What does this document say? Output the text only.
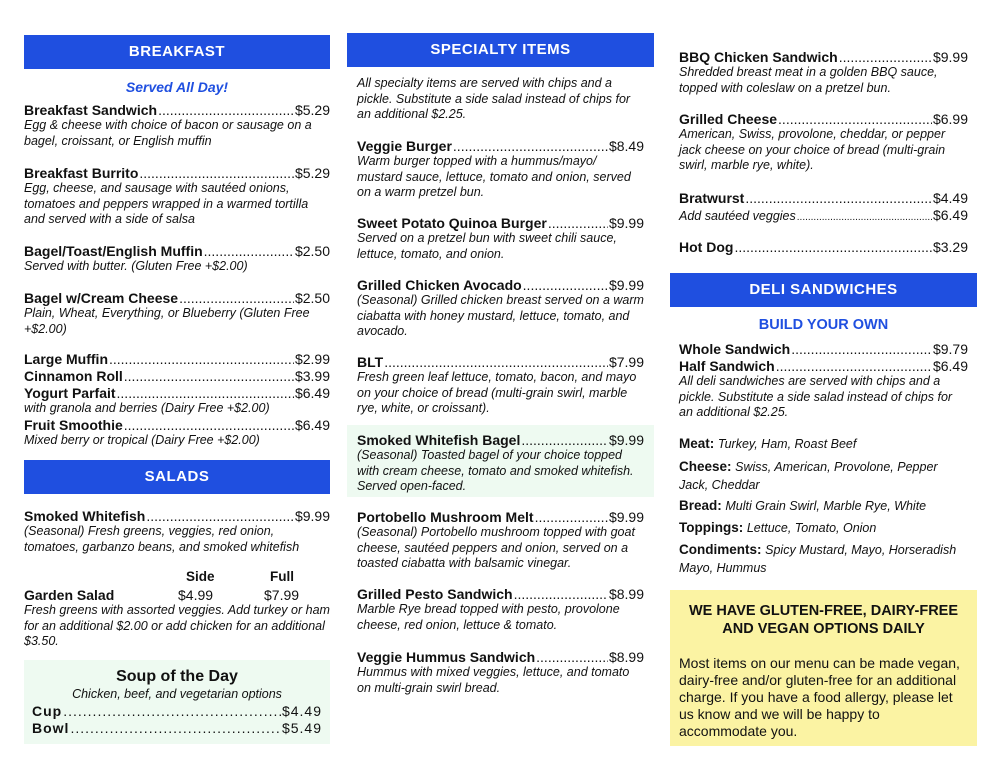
BREAKFAST
Served All Day!
Breakfast Sandwich .....	$5.29
Egg & cheese with choice of bacon or sausage on a bagel, croissant, or English muffin
Breakfast Burrito .....	$5.29
Egg, cheese, and sausage with sautéed onions, tomatoes and peppers wrapped in a warmed tortilla and served with a side of salsa
Bagel/Toast/English Muffin .....	$2.50
Served with butter. (Gluten Free +$2.00)
Bagel w/Cream Cheese .....	$2.50
Plain, Wheat, Everything, or Blueberry (Gluten Free +$2.00)
Large Muffin .....	$2.99
Cinnamon Roll .....	$3.99
Yogurt Parfait .....	$6.49
with granola and berries (Dairy Free +$2.00)
Fruit Smoothie .....	$6.49
Mixed berry or tropical (Dairy Free +$2.00)
SALADS
Smoked Whitefish .....	$9.99
(Seasonal) Fresh greens, veggies, red onion, tomatoes, garbanzo beans, and smoked whitefish
Side	Full
Garden Salad	$4.99	$7.99
Fresh greens with assorted veggies. Add turkey or ham for an additional $2.00 or add chicken for an additional $3.50.
Soup of the Day
Chicken, beef, and vegetarian options
Cup .....	$4.49
Bowl .....	$5.49
SPECIALTY ITEMS
All specialty items are served with chips and a pickle. Substitute a side salad instead of chips for an additional $2.25.
Veggie Burger .....	$8.49
Warm burger topped with a hummus/mayo/ mustard sauce, lettuce, tomato and onion, served on a warm pretzel bun.
Sweet Potato Quinoa Burger .....	$9.99
Served on a pretzel bun with sweet chili sauce, lettuce, tomato, and onion.
Grilled Chicken Avocado .....	$9.99
(Seasonal) Grilled chicken breast served on a warm ciabatta with honey mustard, lettuce, tomato, and avocado.
BLT .....	$7.99
Fresh green leaf lettuce, tomato, bacon, and mayo on your choice of bread (multi-grain swirl, marble rye, white, or croissant).
Smoked Whitefish Bagel .....	$9.99
(Seasonal) Toasted bagel of your choice topped with cream cheese, tomato and smoked whitefish. Served open-faced.
Portobello Mushroom Melt .....	$9.99
(Seasonal) Portobello mushroom topped with goat cheese, sautéed peppers and onion, served on a toasted ciabatta with balsamic vinegar.
Grilled Pesto Sandwich .....	$8.99
Marble Rye bread topped with pesto, provolone cheese, red onion, lettuce & tomato.
Veggie Hummus Sandwich .....	$8.99
Hummus with mixed veggies, lettuce, and tomato on multi-grain swirl bread.
BBQ Chicken Sandwich .....	$9.99
Shredded breast meat in a golden BBQ sauce, topped with coleslaw on a pretzel bun.
Grilled Cheese .....	$6.99
American, Swiss, provolone, cheddar, or pepper jack cheese on your choice of bread (multi-grain swirl, marble rye, white).
Bratwurst .....	$4.49
Add sautéed veggies .....	$6.49
Hot Dog .....	$3.29
DELI SANDWICHES
BUILD YOUR OWN
Whole Sandwich .....	$9.79
Half Sandwich .....	$6.49
All deli sandwiches are served with chips and a pickle. Substitute a side salad instead of chips for an additional $2.25.
Meat: Turkey, Ham, Roast Beef
Cheese: Swiss, American, Provolone, Pepper Jack, Cheddar
Bread: Multi Grain Swirl, Marble Rye, White
Toppings: Lettuce, Tomato, Onion
Condiments: Spicy Mustard, Mayo, Horseradish Mayo, Hummus
WE HAVE GLUTEN-FREE, DAIRY-FREE AND VEGAN OPTIONS DAILY
Most items on our menu can be made vegan, dairy-free and/or gluten-free for an additional charge. If you have a food allergy, please let us know and we will be happy to accommodate you.
